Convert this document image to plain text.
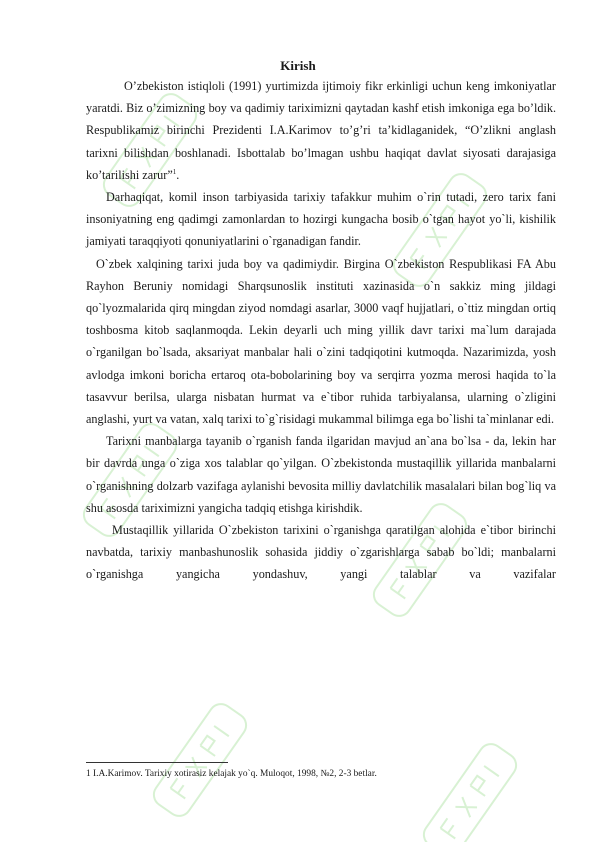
Kirish

O’zbekiston istiqloli (1991) yurtimizda ijtimoiy fikr erkinligi uchun keng imkoniyatlar yaratdi. Biz o’zimizning boy va qadimiy tariximizni qaytadan kashf etish imkoniga ega bo’ldik. Respublikamiz birinchi Prezidenti I.A.Karimov to’g’ri ta’kidlaganidek, “O’zlikni anglash tarixni bilishdan boshlanadi. Isbottalab bo’lmagan ushbu haqiqat davlat siyosati darajasiga ko’tarilishi zarur”$^1$.

Darhaqiqat, komil inson tarbiyasida tarixiy tafakkur muhim o`rin tutadi, zero tarix fani insoniyatning eng qadimgi zamonlardan to hozirgi kungacha bosib o`tgan hayot yo`li, kishilik jamiyati taraqqiyoti qonuniyatlarini o`rganadigan fandir.

O`zbek xalqining tarixi juda boy va qadimiydir. Birgina O`zbekiston Respublikasi FA Abu Rayhon Beruniy nomidagi Sharqsunoslik instituti xazinasida o`n sakkiz ming jildagi qo`lyozmalarida qirq mingdan ziyod nomdagi asarlar, 3000 vaqf hujjatlari, o`ttiz mingdan ortiq toshbosma kitob saqlanmoqda. Lekin deyarli uch ming yillik davr tarixi ma`lum darajada o`rganilgan bo`lsada, aksariyat manbalar hali o`zini tadqiqotini kutmoqda. Nazarimizda, yosh avlodga imkoni boricha ertaroq ota-bobolarining boy va serqirra yozma merosi haqida to`la tasavvur berilsa, ularga nisbatan hurmat va e`tibor ruhida tarbiyalansa, ularning o`zligini anglashi, yurt va vatan, xalq tarixi to`g`risidagi mukammal bilimga ega bo`lishi ta`minlanar edi.

Tarixni manbalarga tayanib o`rganish fanda ilgaridan mavjud an`ana bo`lsa - da, lekin har bir davrda unga o`ziga xos talablar qo`yilgan. O`zbekistonda mustaqillik yillarida manbalarni o`rganishning dolzarb vazifaga aylanishi bevosita milliy davlatchilik masalalari bilan bog`liq va shu asosda tariximizni yangicha tadqiq etishga kirishdik.

Mustaqillik yillarida O`zbekiston tarixini o`rganishga qaratilgan alohida e`tibor birinchi navbatda, tarixiy manbashunoslik sohasida jiddiy o`zgarishlarga sabab bo`ldi; manbalarni o`rganishga yangicha yondashuv, yangi talablar va vazifalar

1 I.A.Karimov. Tarixiy xotirasiz kelajak yo`q. Muloqot, 1998, №2, 2-3 betlar.
